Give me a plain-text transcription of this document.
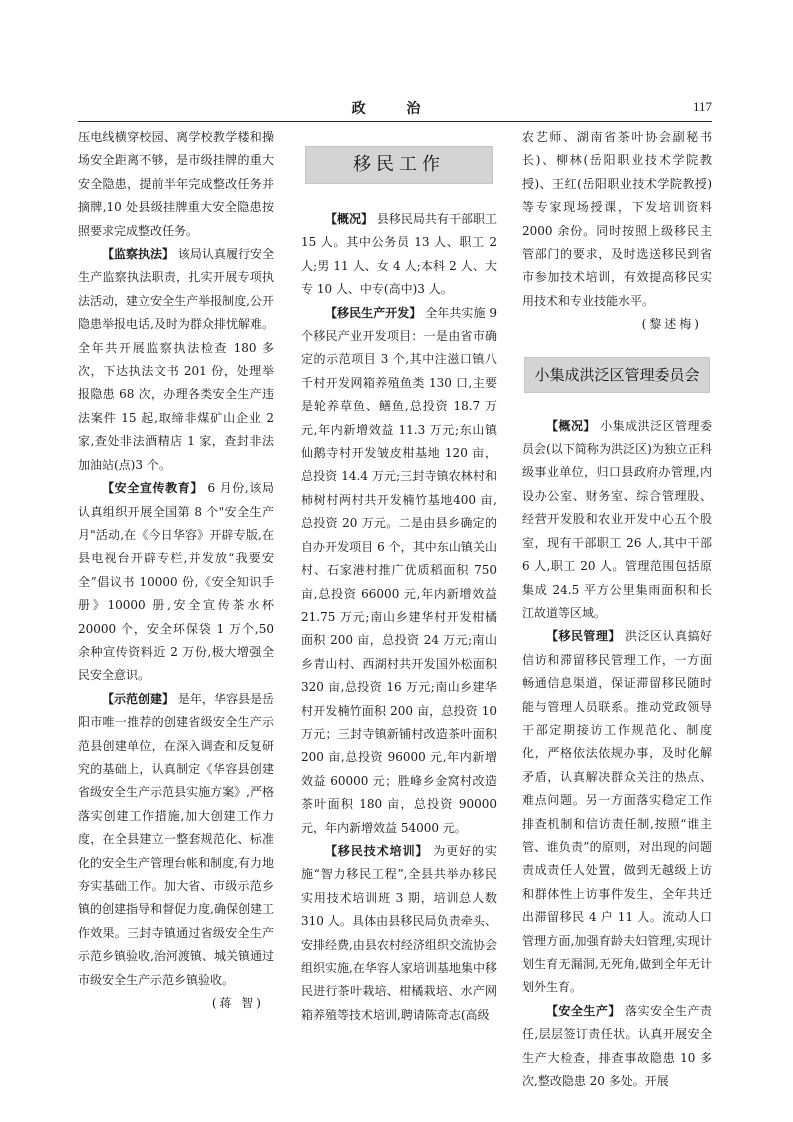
政 治	117

压电线横穿校园、离学校教学楼和操场安全距离不够，是市级挂牌的重大安全隐患，提前半年完成整改任务并摘牌,10 处县级挂牌重大安全隐患按照要求完成整改任务。

【监察执法】 该局认真履行安全生产监察执法职责，扎实开展专项执法活动，建立安全生产举报制度,公开隐患举报电话,及时为群众排忧解难。全年共开展监察执法检查 180 多次，下达执法文书 201 份，处理举报隐患 68 次，办理各类安全生产违法案件 15 起,取缔非煤矿山企业 2 家,查处非法酒精店 1 家，查封非法加油站(点)3 个。

【安全宣传教育】 6 月份,该局认真组织开展全国第 8 个"安全生产月"活动,在《今日华容》开辟专版,在县电视台开辟专栏,并发放“我要安全”倡议书 10000 份,《安全知识手册》10000 册,安全宣传茶水杯 20000 个，安全环保袋 1 万个,50 余种宣传资料近 2 万份,极大增强全民安全意识。

【示范创建】 是年，华容县是岳阳市唯一推荐的创建省级安全生产示范县创建单位，在深入调查和反复研究的基础上，认真制定《华容县创建省级安全生产示范县实施方案》,严格落实创建工作措施,加大创建工作力度，在全县建立一整套规范化、标准化的安全生产管理台帐和制度,有力地夯实基础工作。加大省、市级示范乡镇的创建指导和督促力度,确保创建工作效果。三封寺镇通过省级安全生产示范乡镇验收,治河渡镇、城关镇通过市级安全生产示范乡镇验收。

(蒋 智)
移民工作

【概况】 县移民局共有干部职工 15 人。其中公务员 13 人、职工 2 人;男 11 人、女 4 人;本科 2 人、大专 10 人、中专(高中)3 人。

【移民生产开发】 全年共实施 9 个移民产业开发项目：一是由省市确定的示范项目 3 个,其中注滋口镇八千村开发网箱养殖鱼类 130 口,主要是轮养草鱼、鳝鱼,总投资 18.7 万元,年内新增效益 11.3 万元;东山镇仙鹅寺村开发皱皮柑基地 120 亩，总投资 14.4 万元;三封寺镇农林村和柿树村两村共开发楠竹基地400 亩,总投资 20 万元。二是由县乡确定的自办开发项目 6 个，其中东山镇关山村、石家港村推广优质稻面积 750 亩,总投资 66000 元,年内新增效益 21.75 万元;南山乡建华村开发柑橘面积 200 亩，总投资 24 万元;南山乡青山村、西湖村共开发国外松面积 320 亩,总投资 16 万元;南山乡建华村开发楠竹面积 200 亩，总投资 10 万元；三封寺镇新铺村改造茶叶面积 200 亩,总投资 96000 元,年内新增效益 60000 元；胜峰乡金窝村改造茶叶面积 180 亩，总投资 90000 元，年内新增效益 54000 元。

【移民技术培训】 为更好的实施“智力移民工程”,全县共举办移民实用技术培训班 3 期，培训总人数 310 人。具体由县移民局负责牵头、安排经费,由县农村经济组织交流协会组织实施,在华容人家培训基地集中移民进行茶叶栽培、柑橘栽培、水产网箱养殖等技术培训,聘请陈奇志(高级

农艺师、湖南省茶叶协会副秘书长)、柳林(岳阳职业技术学院教授)、王红(岳阳职业技术学院教授)等专家现场授课，下发培训资料 2000 余份。同时按照上级移民主管部门的要求，及时选送移民到省市参加技术培训，有效提高移民实用技术和专业技能水平。

(黎述梅)
小集成洪泛区管理委员会

【概况】 小集成洪泛区管理委员会(以下简称为洪泛区)为独立正科级事业单位，归口县政府办管理,内设办公室、财务室、综合管理股、经营开发股和农业开发中心五个股室，现有干部职工 26 人,其中干部 6 人,职工 20 人。管理范围包括原集成 24.5 平方公里集雨面积和长江故道等区域。

【移民管理】 洪泛区认真搞好信访和滞留移民管理工作，一方面畅通信息渠道，保证滞留移民随时能与管理人员联系。推动党政领导干部定期接访工作规范化、制度化，严格依法依规办事，及时化解矛盾，认真解决群众关注的热点、难点问题。另一方面落实稳定工作排查机制和信访责任制,按照“谁主管、谁负责”的原则，对出现的问题责成责任人处置，做到无越级上访和群体性上访事件发生，全年共迁出滞留移民 4 户 11 人。流动人口管理方面,加强育龄夫妇管理,实现计划生育无漏洞,无死角,做到全年无计划外生育。

【安全生产】 落实安全生产责任,层层签订责任状。认真开展安全生产大检查，排查事故隐患 10 多次,整改隐患 20 多处。开展
